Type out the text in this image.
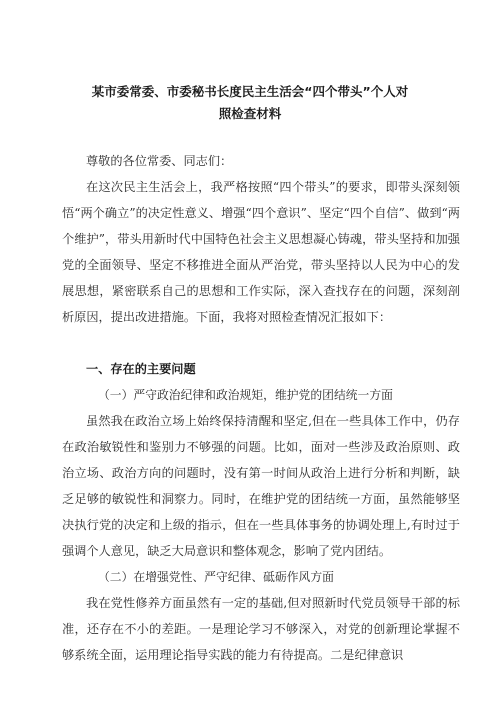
某市委常委、市委秘书长度民主生活会“四个带头”个人对
照检查材料
尊敬的各位常委、同志们：

在这次民主生活会上，我严格按照“四个带头”的要求，即带头深刻领悟“两个确立”的决定性意义、增强“四个意识”、坚定“四个自信”、做到“两个维护”，带头用新时代中国特色社会主义思想凝心铸魂，带头坚持和加强党的全面领导、坚定不移推进全面从严治党，带头坚持以人民为中心的发展思想，紧密联系自己的思想和工作实际，深入查找存在的问题，深刻剖析原因，提出改进措施。下面，我将对照检查情况汇报如下：

一、存在的主要问题
（一）严守政治纪律和政治规矩，维护党的团结统一方面

虽然我在政治立场上始终保持清醒和坚定,但在一些具体工作中，仍存在政治敏锐性和鉴别力不够强的问题。比如，面对一些涉及政治原则、政治立场、政治方向的问题时，没有第一时间从政治上进行分析和判断，缺乏足够的敏锐性和洞察力。同时，在维护党的团结统一方面，虽然能够坚决执行党的决定和上级的指示，但在一些具体事务的协调处理上,有时过于强调个人意见，缺乏大局意识和整体观念，影响了党内团结。

（二）在增强党性、严守纪律、砥砺作风方面

我在党性修养方面虽然有一定的基础,但对照新时代党员领导干部的标准，还存在不小的差距。一是理论学习不够深入，对党的创新理论掌握不够系统全面，运用理论指导实践的能力有待提高。二是纪律意识
